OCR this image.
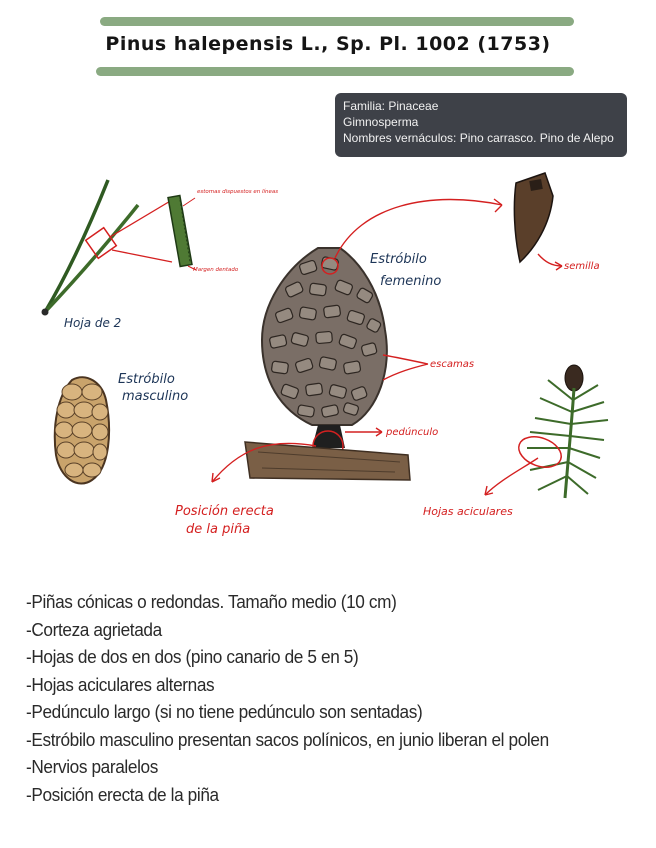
Pinus halepensis L., Sp. Pl. 1002 (1753)
Familia: Pinaceae
Gimnosperma
Nombres vernáculos: Pino carrasco. Pino de Alepo
Hoja de 2
estomas dispuestos en líneas
Margen dentado
Estróbilo
femenino
semilla
escamas
pedúnculo
Estróbilo
masculino
Posición erecta
de la piña
Hojas aciculares
-Piñas cónicas o redondas. Tamaño medio (10 cm)
-Corteza agrietada
-Hojas de dos en dos (pino canario de 5 en 5)
-Hojas aciculares alternas
-Pedúnculo largo (si no tiene pedúnculo son sentadas)
-Estróbilo masculino presentan sacos polínicos, en junio liberan el polen
-Nervios paralelos
-Posición erecta de la piña
